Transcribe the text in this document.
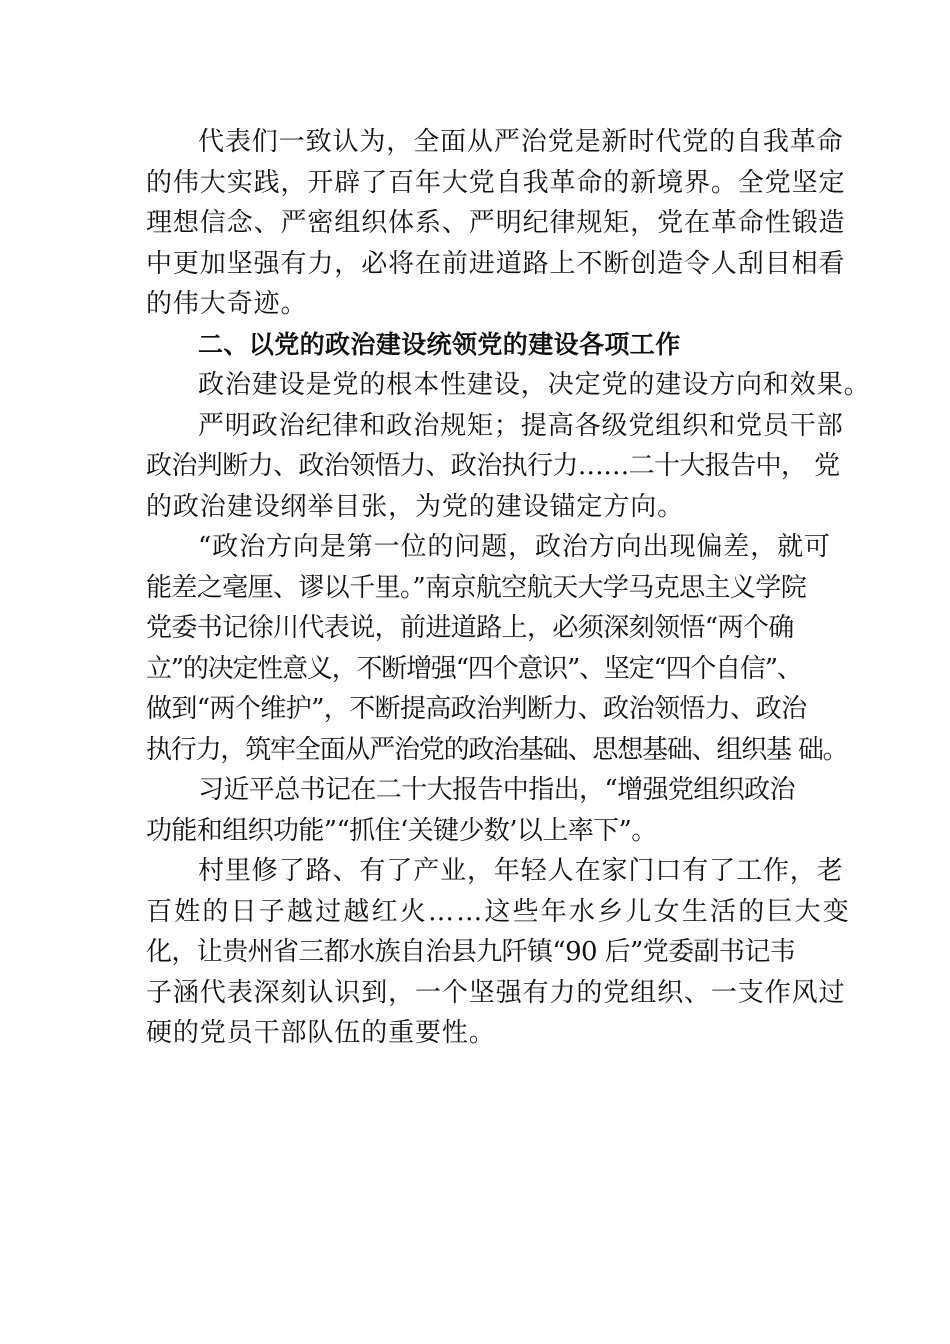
代表们一致认为，全面从严治党是新时代党的自我革命
的伟大实践，开辟了百年大党自我革命的新境界。全党坚定
理想信念、严密组织体系、严明纪律规矩，党在革命性锻造
中更加坚强有力，必将在前进道路上不断创造令人刮目相看
的伟大奇迹。
二、以党的政治建设统领党的建设各项工作
政治建设是党的根本性建设，决定党的建设方向和效果。
严明政治纪律和政治规矩；提高各级党组织和党员干部
政治判断力、政治领悟力、政治执行力……二十大报告中， 党
的政治建设纲举目张，为党的建设锚定方向。
“政治方向是第一位的问题，政治方向出现偏差，就可
能差之毫厘、谬以千里。”南京航空航天大学马克思主义学院
党委书记徐川代表说，前进道路上，必须深刻领悟“两个确
立”的决定性意义，不断增强“四个意识”、坚定“四个自信”、
做到“两个维护”，不断提高政治判断力、政治领悟力、政治
执行力，筑牢全面从严治党的政治基础、思想基础、组织基 础。
习近平总书记在二十大报告中指出，“增强党组织政治
功能和组织功能”“抓住‘关键少数’以上率下”。
村里修了路、有了产业，年轻人在家门口有了工作，老
百姓的日子越过越红火……这些年水乡儿女生活的巨大变
化，让贵州省三都水族自治县九阡镇“90 后”党委副书记韦
子涵代表深刻认识到，一个坚强有力的党组织、一支作风过
硬的党员干部队伍的重要性。
